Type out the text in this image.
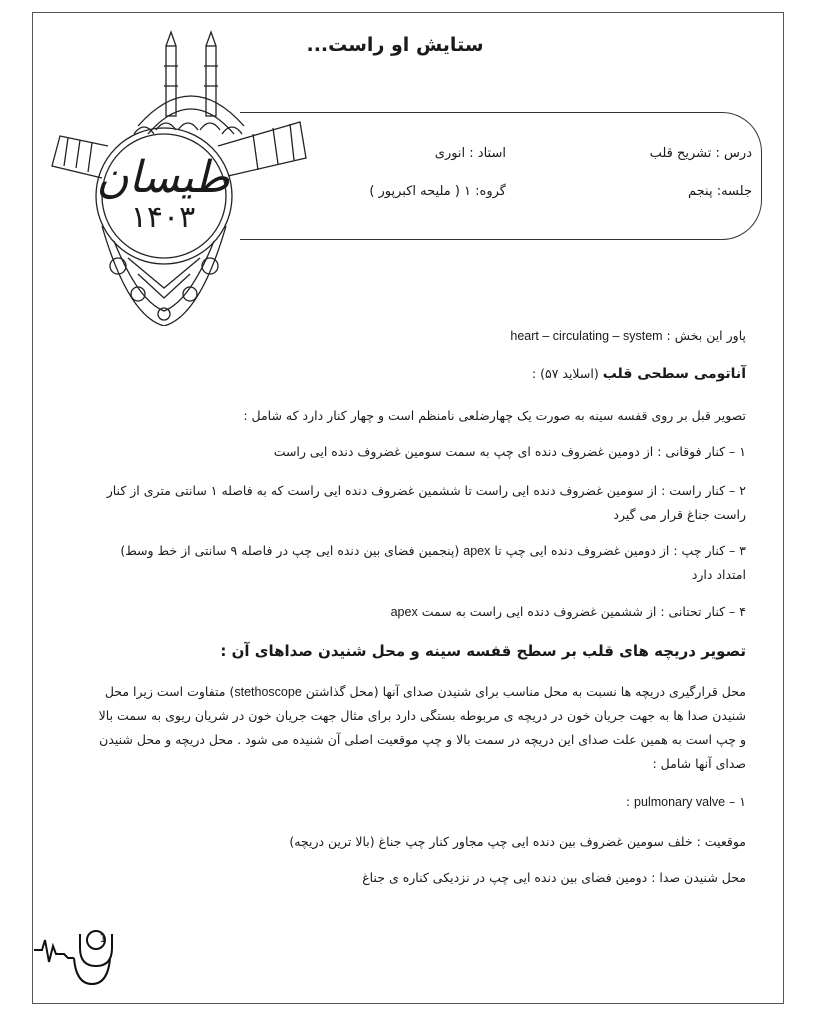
ستایش او راست...
طیسان
۱۴۰۳
درس : تشریح قلب
استاد : انوری
جلسه: پنجم
گروه: ۱ ( ملیحه اکبرپور )
پاور این بخش : heart – circulating – system
آناتومی سطحی قلب (اسلاید ۵۷) :
تصویر قبل بر روی قفسه سینه به صورت یک چهارضلعی نامنظم است و چهار کنار دارد که شامل :
۱ – کنار فوقانی : از دومین غضروف دنده ای چپ به سمت سومین غضروف دنده ایی راست
۲ – کنار راست : از سومین غضروف دنده ایی راست تا ششمین غضروف دنده ایی راست که به فاصله ۱ سانتی متری از کنار راست جناغ قرار می گیرد
۳ – کنار چپ : از دومین غضروف دنده ایی چپ تا apex (پنجمین فضای بین دنده ایی چپ در فاصله ۹ سانتی از خط وسط) امتداد دارد
۴ – کنار تحتانی : از ششمین غضروف دنده ایی راست به سمت apex
تصویر دریچه های قلب بر سطح قفسه سینه و محل شنیدن صداهای آن :
محل قرارگیری دریچه ها نسبت به محل مناسب برای شنیدن صدای آنها (محل گذاشتن stethoscope) متفاوت است زیرا محل شنیدن صدا ها به جهت جریان خون در دریچه ی مربوطه بستگی دارد برای مثال جهت جریان خون در شریان ریوی به سمت بالا و چپ است به همین علت صدای این دریچه در سمت بالا و چپ موقعیت اصلی آن شنیده می شود . محل دریچه و محل شنیدن صدای آنها شامل :
۱ – pulmonary valve :
موقعیت : خلف سومین غضروف بین دنده ایی چپ مجاور کنار چپ جناغ (بالا ترین دریچه)
محل شنیدن صدا : دومین فضای بین دنده ایی چپ در نزدیکی کناره ی جناغ
1
